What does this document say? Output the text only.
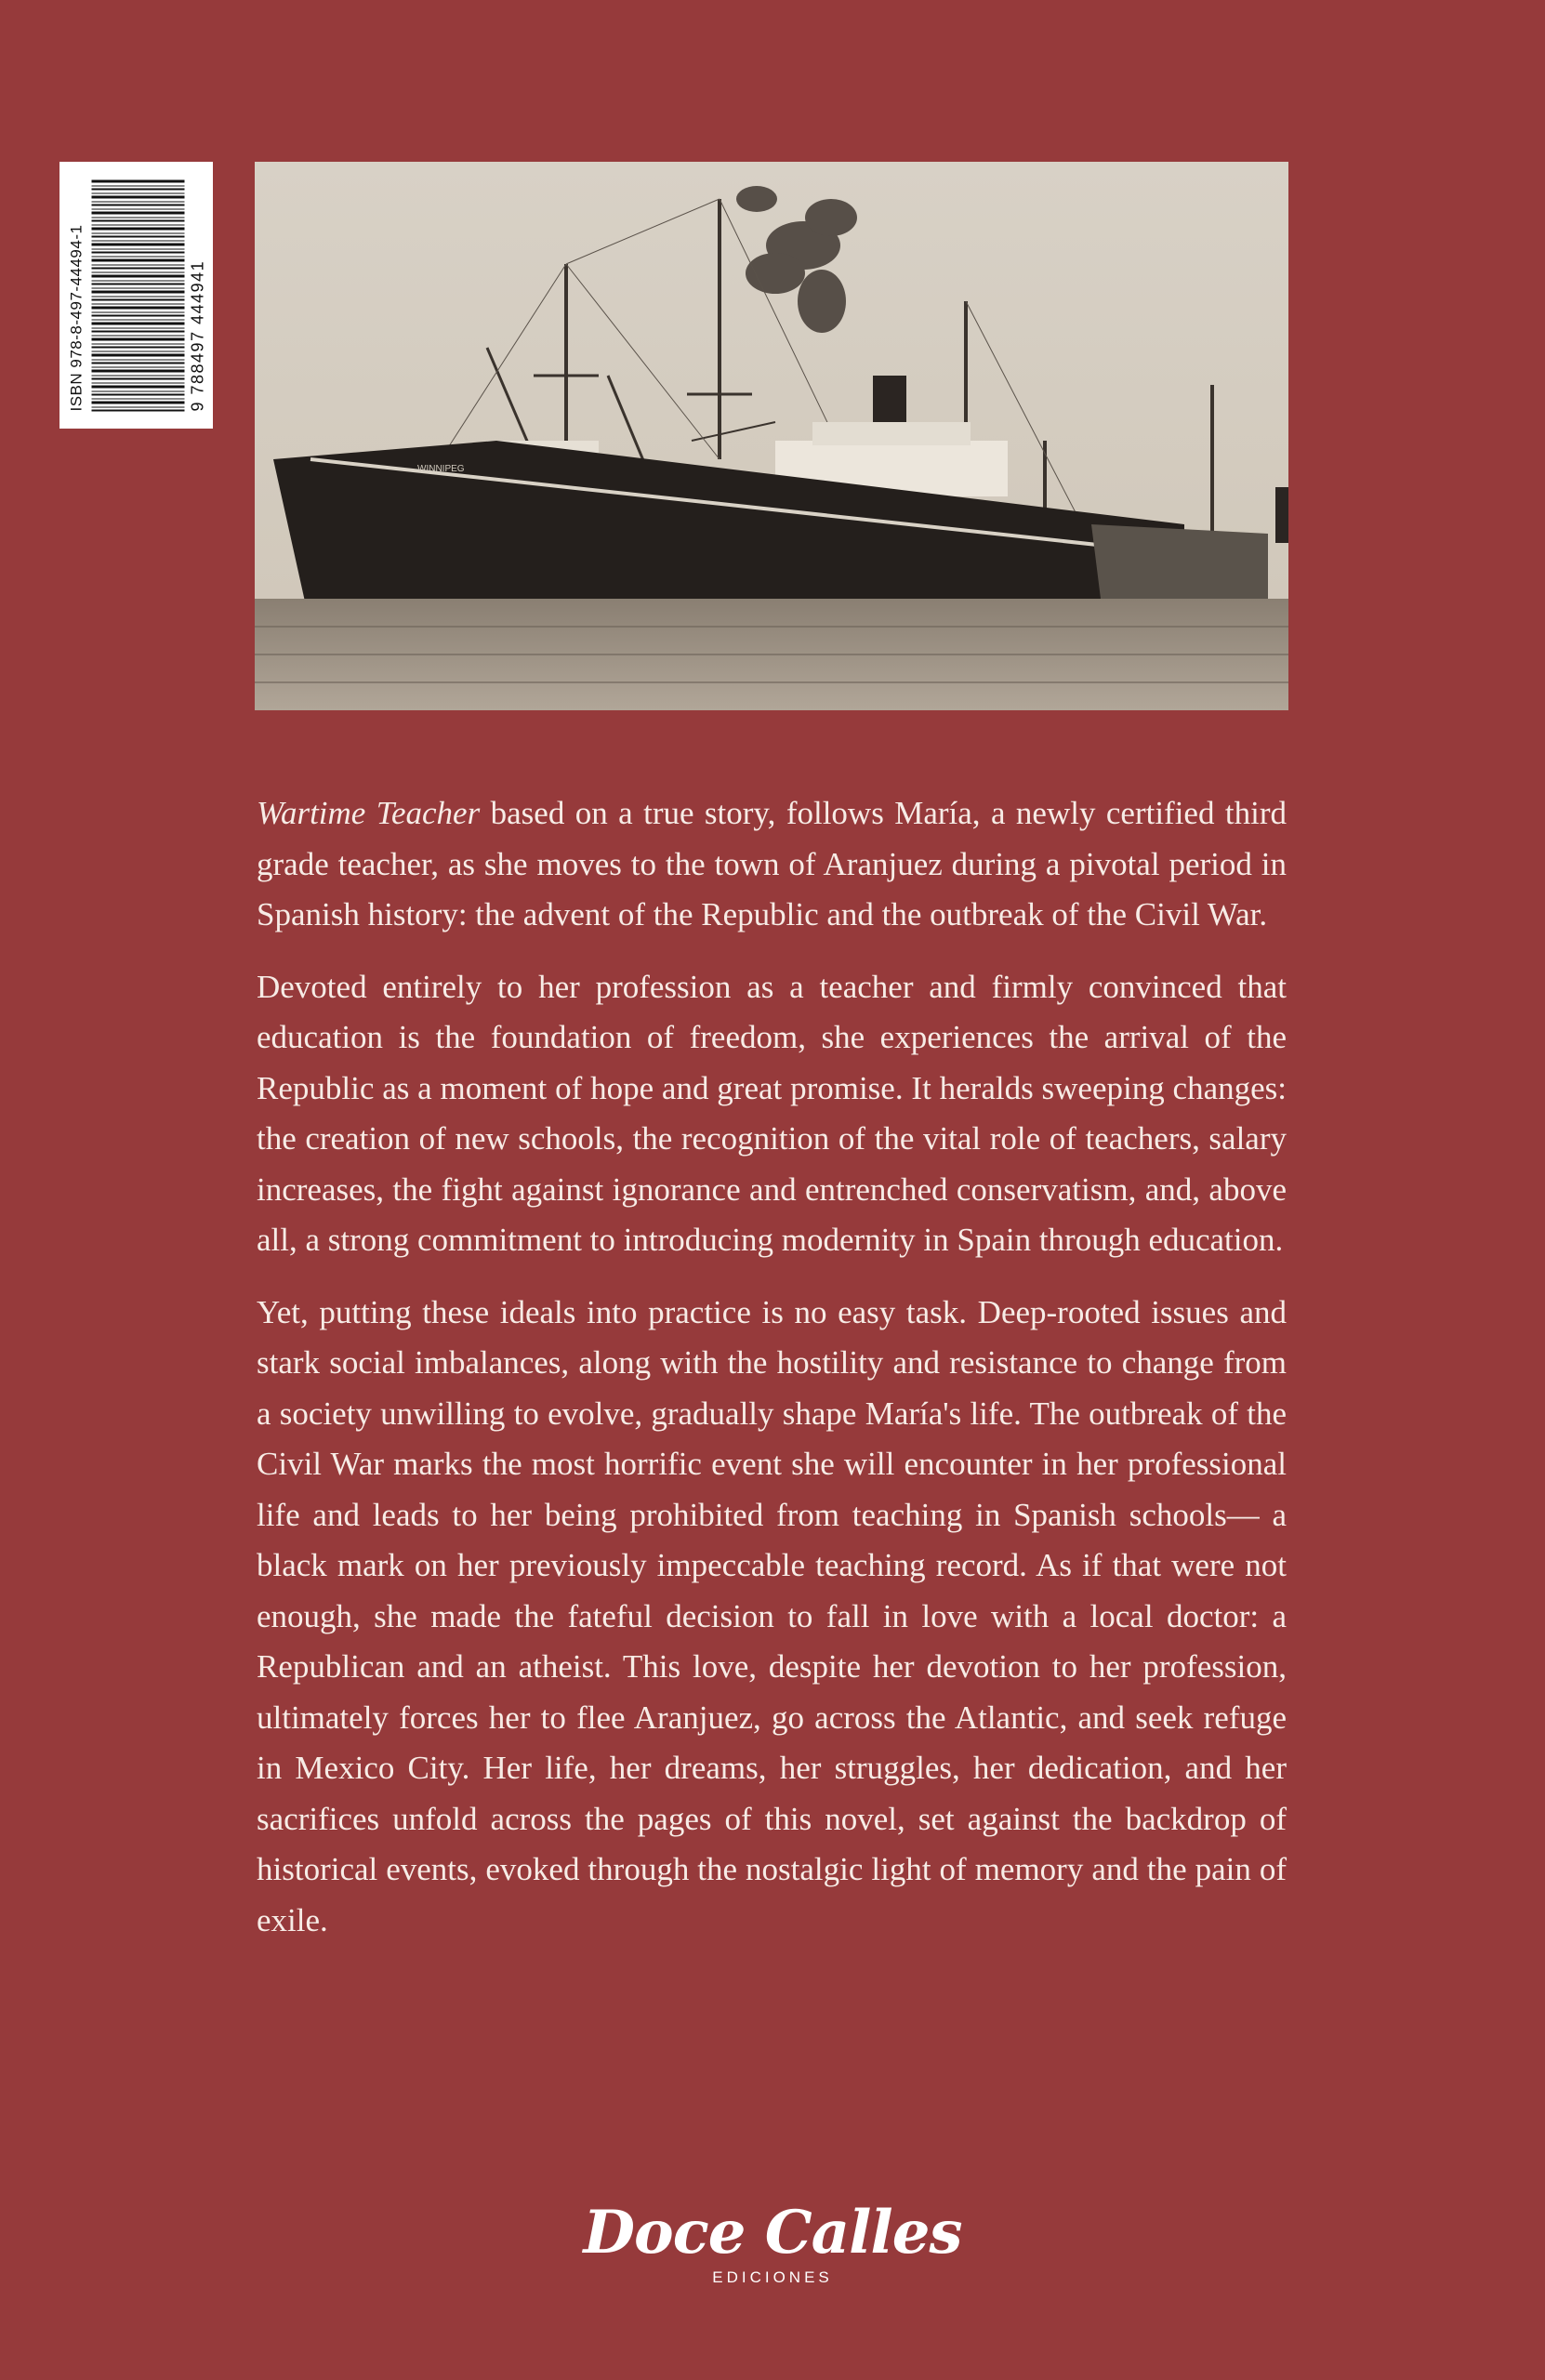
ISBN 978-8-497-44494-1	9 788497 444941
WINNIPEG

Wartime Teacher based on a true story, follows María, a newly certified third grade teacher, as she moves to the town of Aranjuez during a pivotal period in Spanish history: the advent of the Republic and the outbreak of the Civil War.

Devoted entirely to her profession as a teacher and firmly convinced that education is the foundation of freedom, she experiences the arrival of the Republic as a moment of hope and great promise. It heralds sweeping changes: the creation of new schools, the recognition of the vital role of teachers, salary increases, the fight against ignorance and entrenched conservatism, and, above all, a strong commitment to introducing modernity in Spain through education.

Yet, putting these ideals into practice is no easy task. Deep-rooted issues and stark social imbalances, along with the hostility and resistance to change from a society unwilling to evolve, gradually shape María's life. The outbreak of the Civil War marks the most horrific event she will encounter in her professional life and leads to her being prohibited from teaching in Spanish schools— a black mark on her previously impeccable teaching record. As if that were not enough, she made the fateful decision to fall in love with a local doctor: a Republican and an atheist. This love, despite her devotion to her profession, ultimately forces her to flee Aranjuez, go across the Atlantic, and seek refuge in Mexico City. Her life, her dreams, her struggles, her dedication, and her sacrifices unfold across the pages of this novel, set against the backdrop of historical events, evoked through the nostalgic light of memory and the pain of exile.

Doce Calles
EDICIONES
